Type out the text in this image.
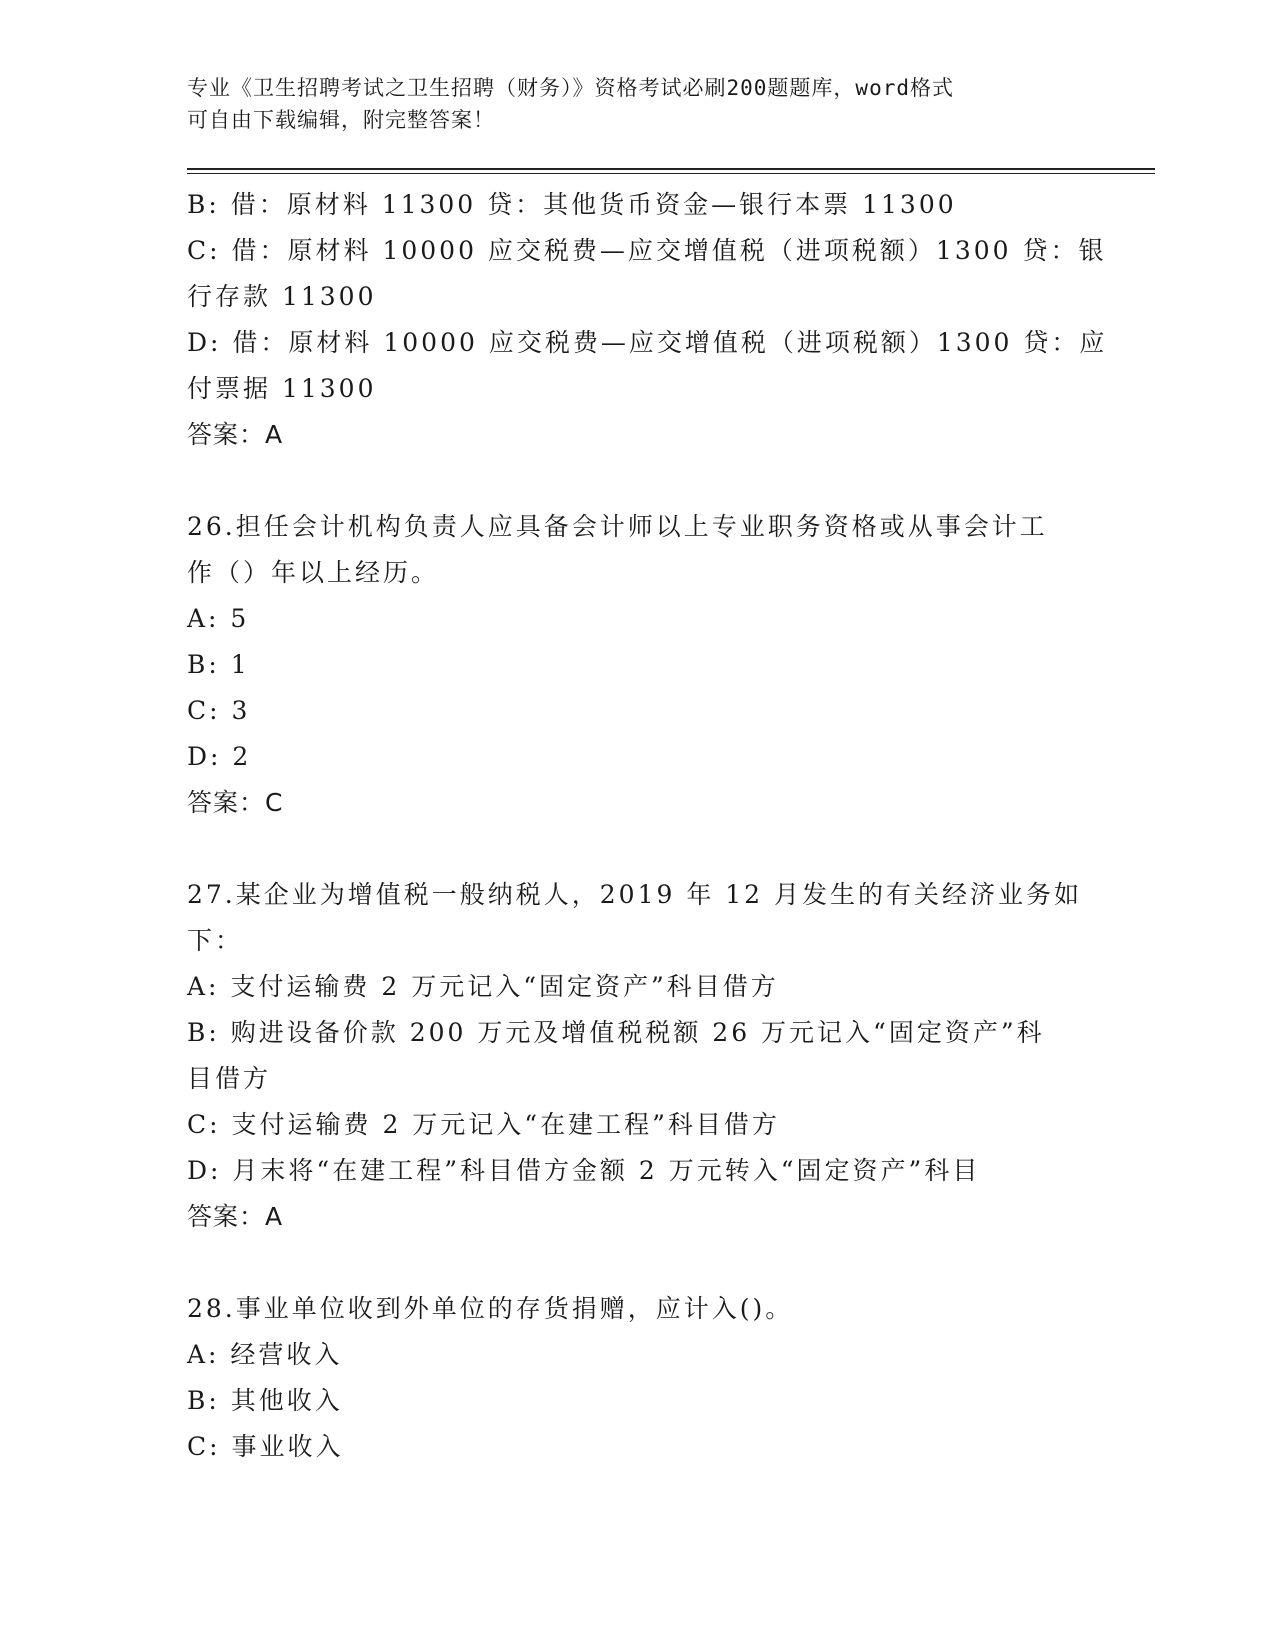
专业《卫生招聘考试之卫生招聘（财务）》资格考试必刷200题题库，word格式
可自由下载编辑，附完整答案！

B: 借：原材料 11300 贷：其他货币资金—银行本票 11300

C: 借：原材料 10000 应交税费—应交增值税（进项税额）1300 贷：银

行存款 11300

D: 借：原材料 10000 应交税费—应交增值税（进项税额）1300 贷：应

付票据 11300

答案：A

26.担任会计机构负责人应具备会计师以上专业职务资格或从事会计工

作（）年以上经历。

A: 5

B: 1

C: 3

D: 2

答案：C

27.某企业为增值税一般纳税人，2019 年 12 月发生的有关经济业务如

下：

A: 支付运输费 2 万元记入“固定资产”科目借方

B: 购进设备价款 200 万元及增值税税额 26 万元记入“固定资产”科

目借方

C: 支付运输费 2 万元记入“在建工程”科目借方

D: 月末将“在建工程”科目借方金额 2 万元转入“固定资产”科目

答案：A

28.事业单位收到外单位的存货捐赠，应计入()。

A: 经营收入

B: 其他收入

C: 事业收入
